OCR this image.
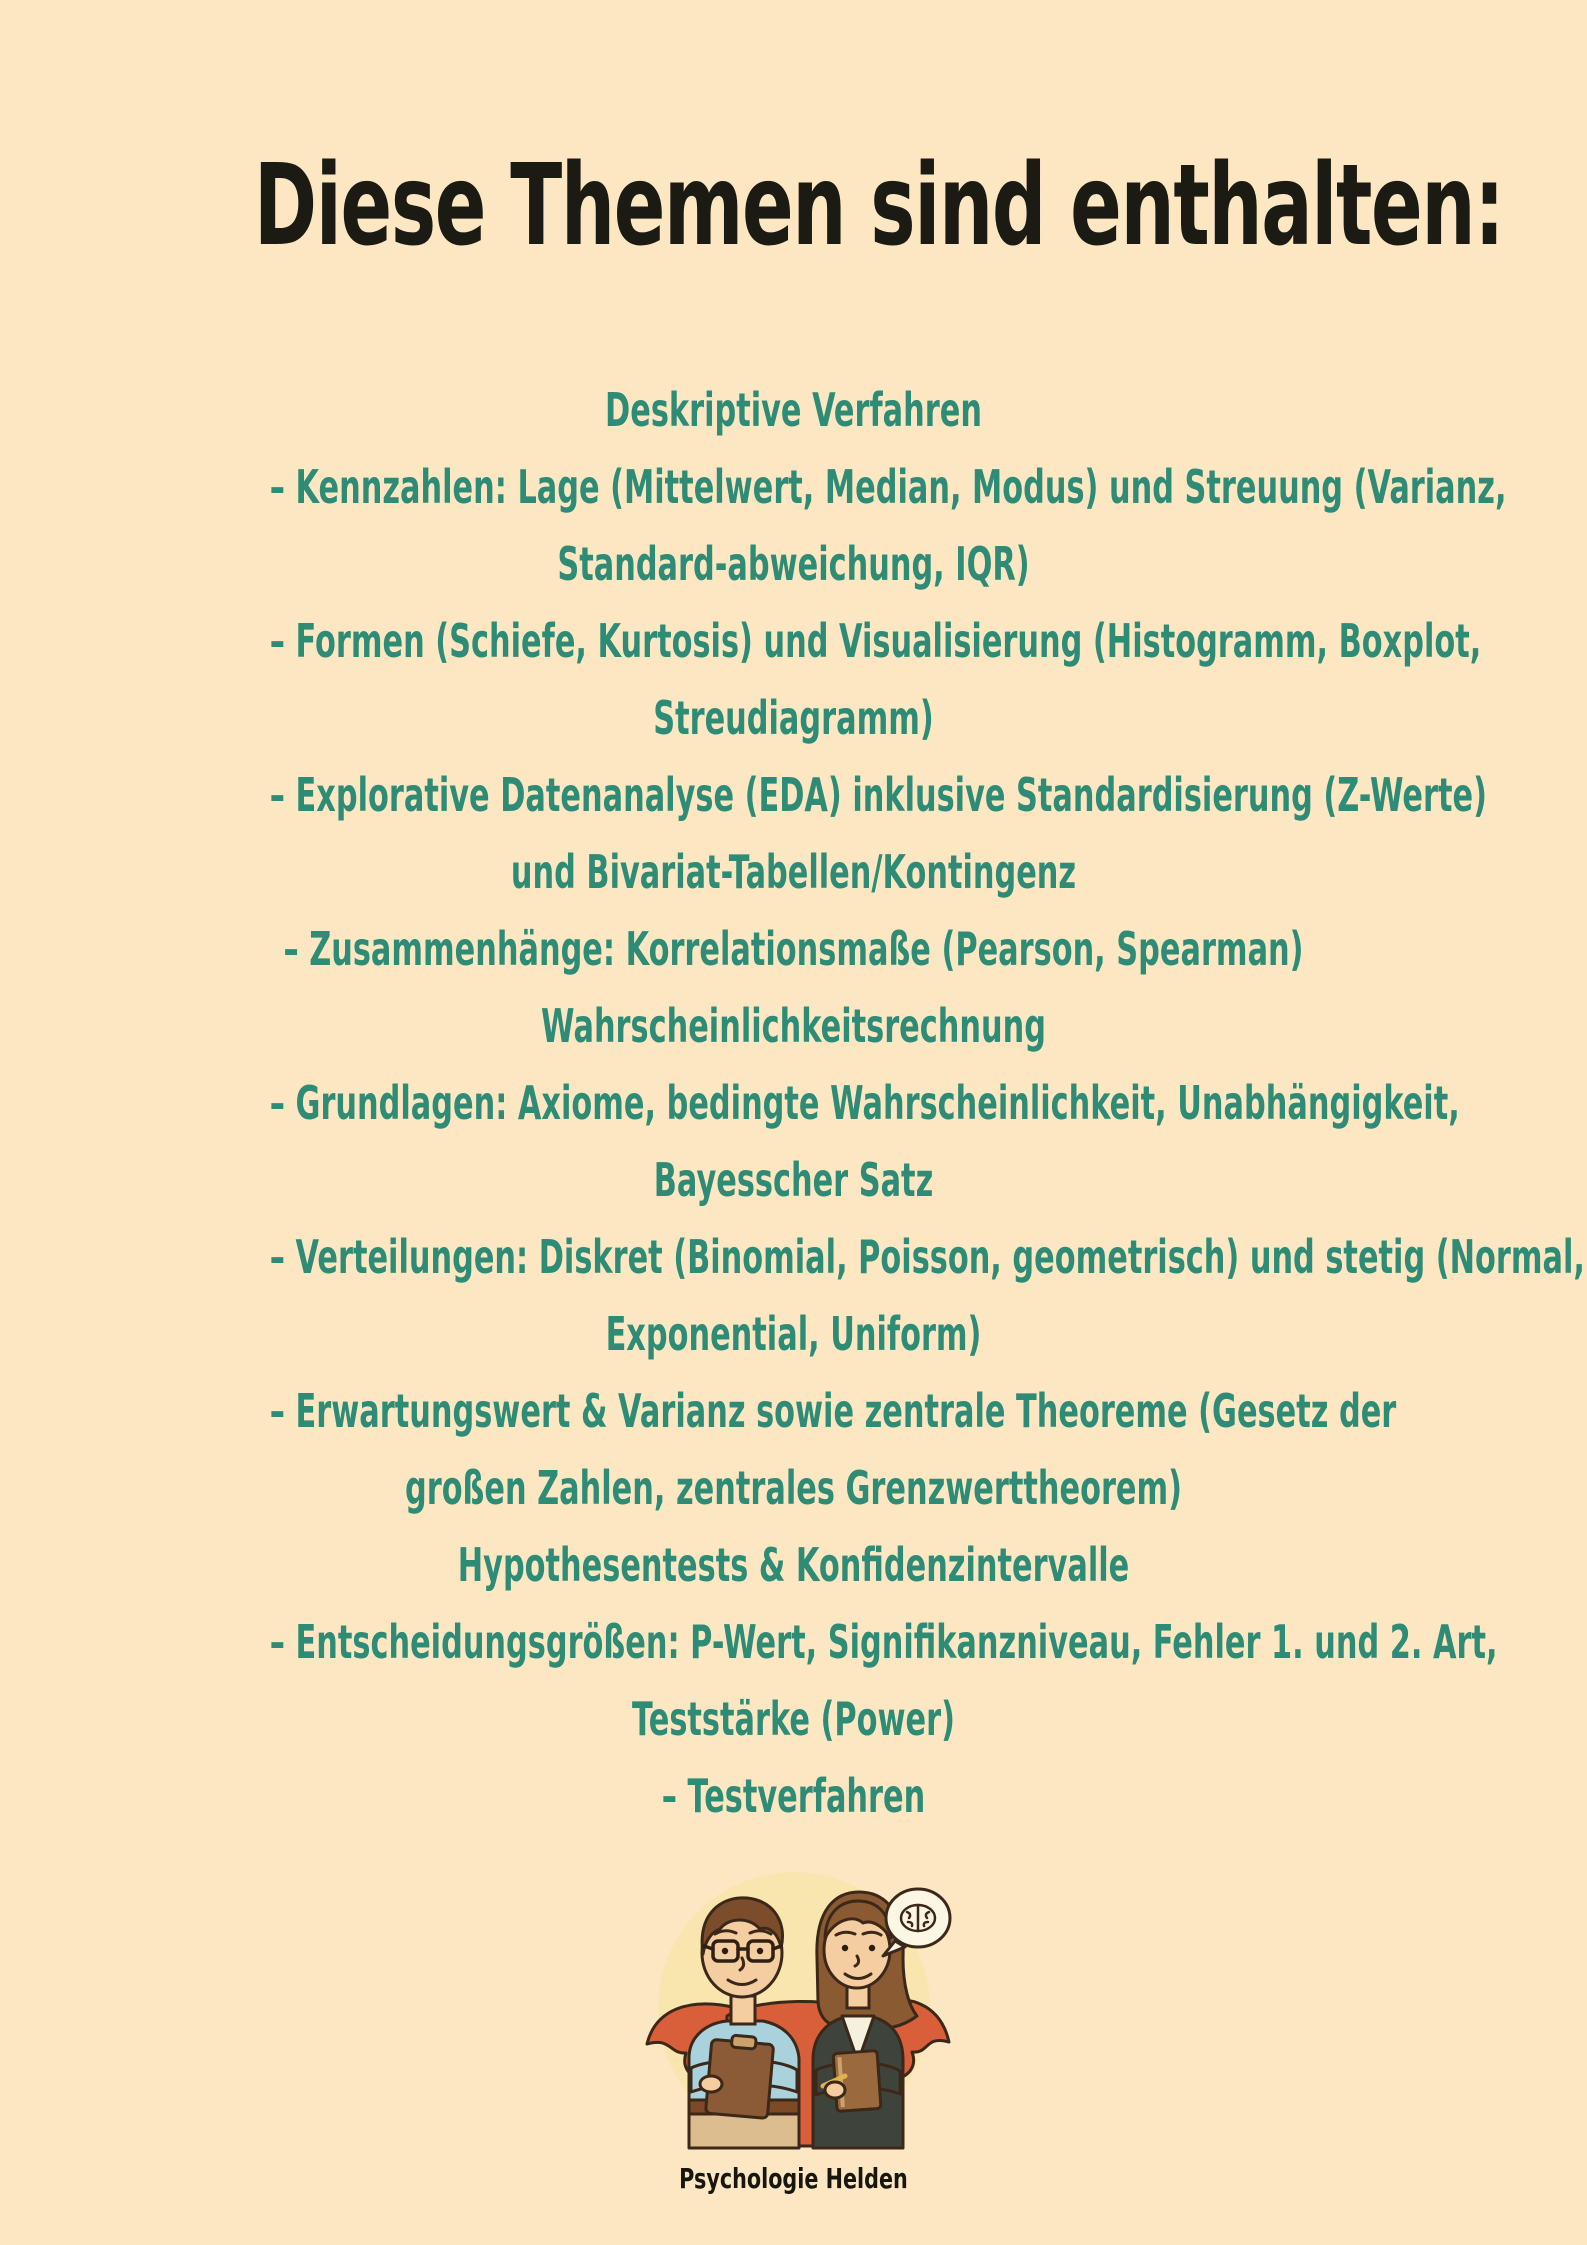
Diese Themen sind enthalten:
Deskriptive Verfahren
– Kennzahlen: Lage (Mittelwert, Median, Modus) und Streuung (Varianz,
Standard-abweichung, IQR)
– Formen (Schiefe, Kurtosis) und Visualisierung (Histogramm, Boxplot,
Streudiagramm)
– Explorative Datenanalyse (EDA) inklusive Standardisierung (Z-Werte)
und Bivariat-Tabellen/Kontingenz
– Zusammenhänge: Korrelationsmaße (Pearson, Spearman)
Wahrscheinlichkeitsrechnung
– Grundlagen: Axiome, bedingte Wahrscheinlichkeit, Unabhängigkeit,
Bayesscher Satz
– Verteilungen: Diskret (Binomial, Poisson, geometrisch) und stetig (Normal,
Exponential, Uniform)
– Erwartungswert & Varianz sowie zentrale Theoreme (Gesetz der
großen Zahlen, zentrales Grenzwerttheorem)
Hypothesentests & Konfidenzintervalle
– Entscheidungsgrößen: P-Wert, Signifikanzniveau, Fehler 1. und 2. Art,
Teststärke (Power)
– Testverfahren
Psychologie Helden
